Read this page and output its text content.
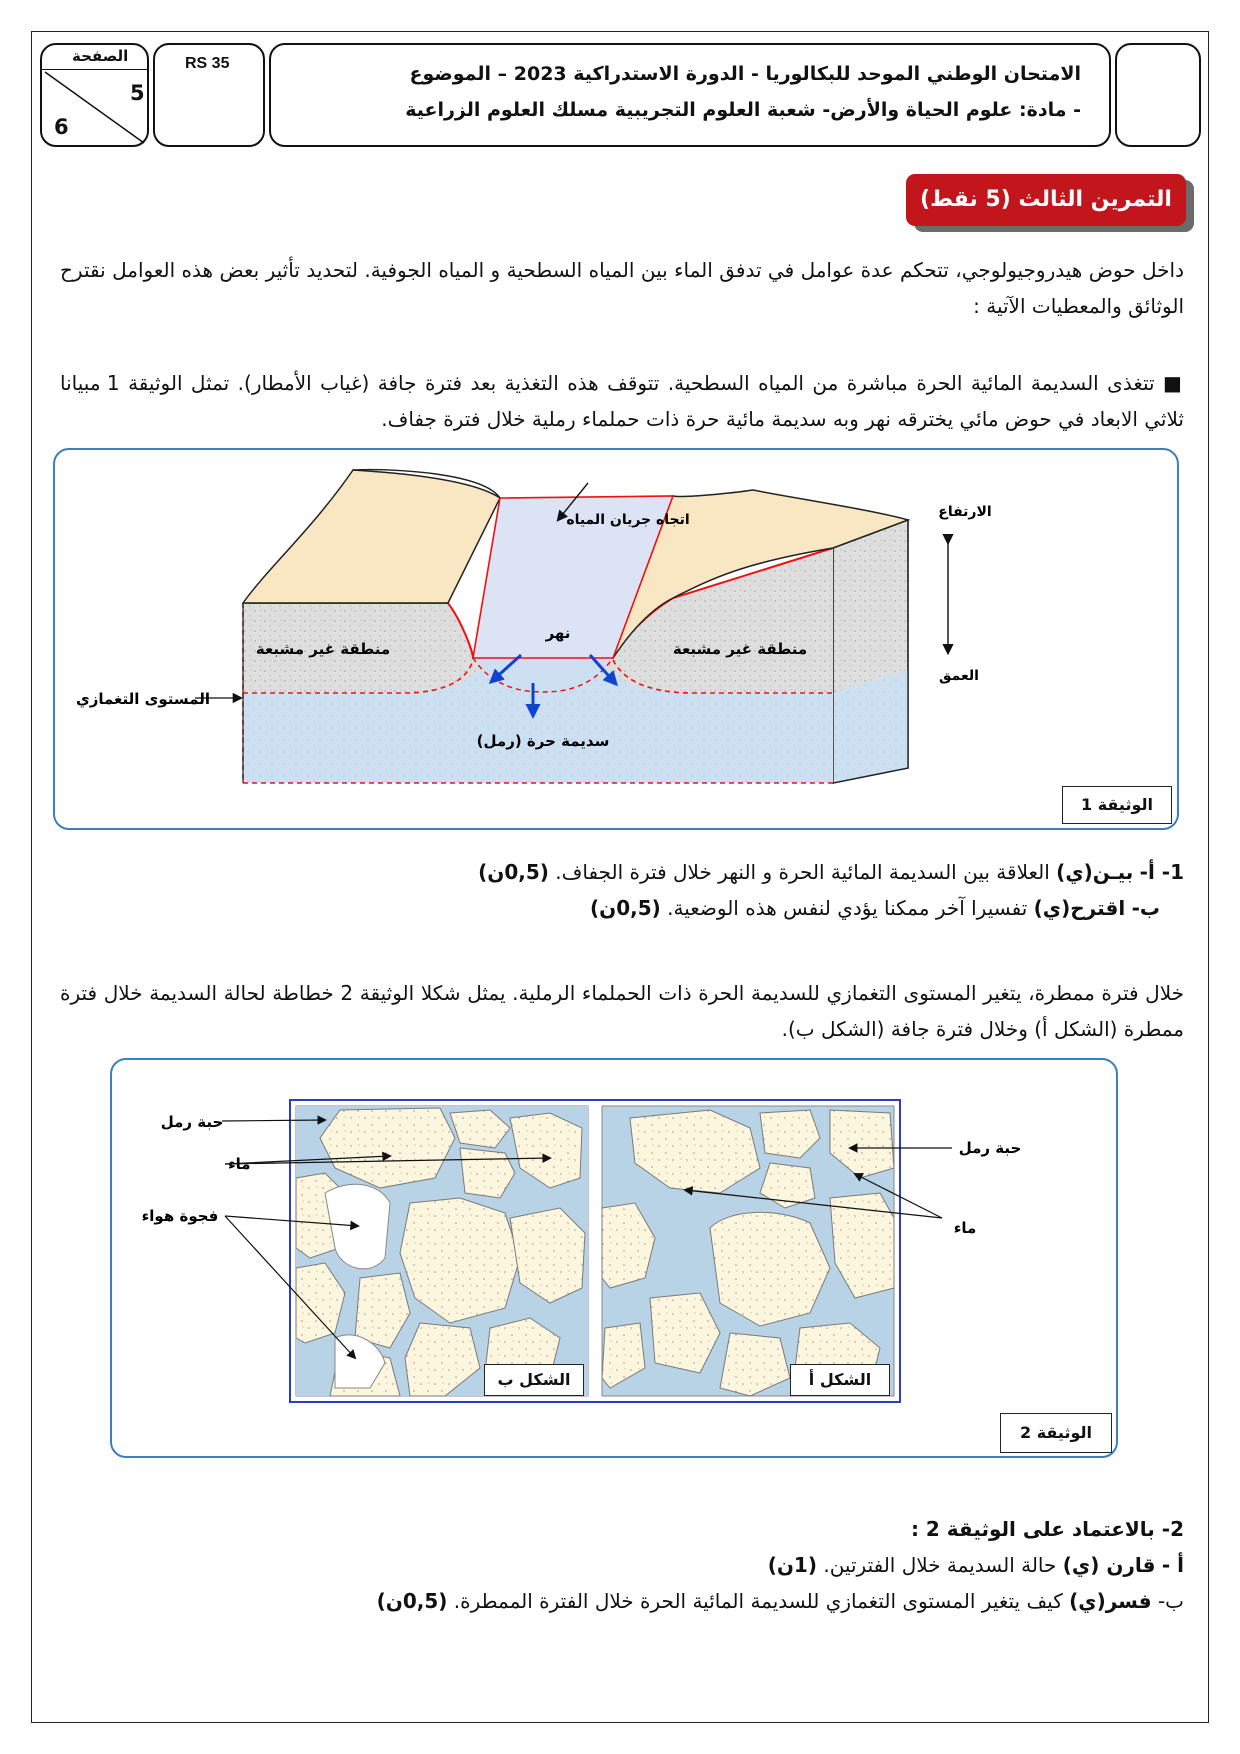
الصفحة
5
6
RS 35	الامتحان الوطني الموحد للبكالوريا - الدورة الاستدراكية 2023 – الموضوع
- مادة: علوم الحياة والأرض- شعبة العلوم التجريبية مسلك العلوم الزراعية
التمرين الثالث (5 نقط)
داخل حوض هيدروجيولوجي، تتحكم عدة عوامل في تدفق الماء بين المياه السطحية و المياه الجوفية. لتحديد تأثير بعض هذه العوامل نقترح الوثائق والمعطيات الآتية :
■ تتغذى السديمة المائية الحرة مباشرة من المياه السطحية. تتوقف هذه التغذية بعد فترة جافة (غياب الأمطار). تمثل الوثيقة 1 مبيانا ثلاثي الابعاد في حوض مائي يخترقه نهر وبه سديمة مائية حرة ذات حملماء رملية خلال فترة جفاف.
اتجاه جريان المياه
نهر
منطقة غير مشبعة	منطقة غير مشبعة
المستوى التغمازي
سديمة حرة (رمل)
الارتفاع
العمق
الوثيقة 1
1- أ- بيـن(ي) العلاقة بين السديمة المائية الحرة و النهر خلال فترة الجفاف. (0,5ن)
ب- اقترح(ي) تفسيرا آخر ممكنا يؤدي لنفس هذه الوضعية. (0,5ن)
خلال فترة ممطرة، يتغير المستوى التغمازي للسديمة الحرة ذات الحملماء الرملية. يمثل شكلا الوثيقة 2 خطاطة لحالة السديمة خلال فترة ممطرة (الشكل أ) وخلال فترة جافة (الشكل ب).
حبة رمل
ماء
فجوة هواء
حبة رمل
ماء
الشكل ب	الشكل أ
الوثيقة 2
2- بالاعتماد على الوثيقة 2 :
أ - قارن (ي) حالة السديمة خلال الفترتين. (1ن)
ب- فسر(ي) كيف يتغير المستوى التغمازي للسديمة المائية الحرة خلال الفترة الممطرة. (0,5ن)
